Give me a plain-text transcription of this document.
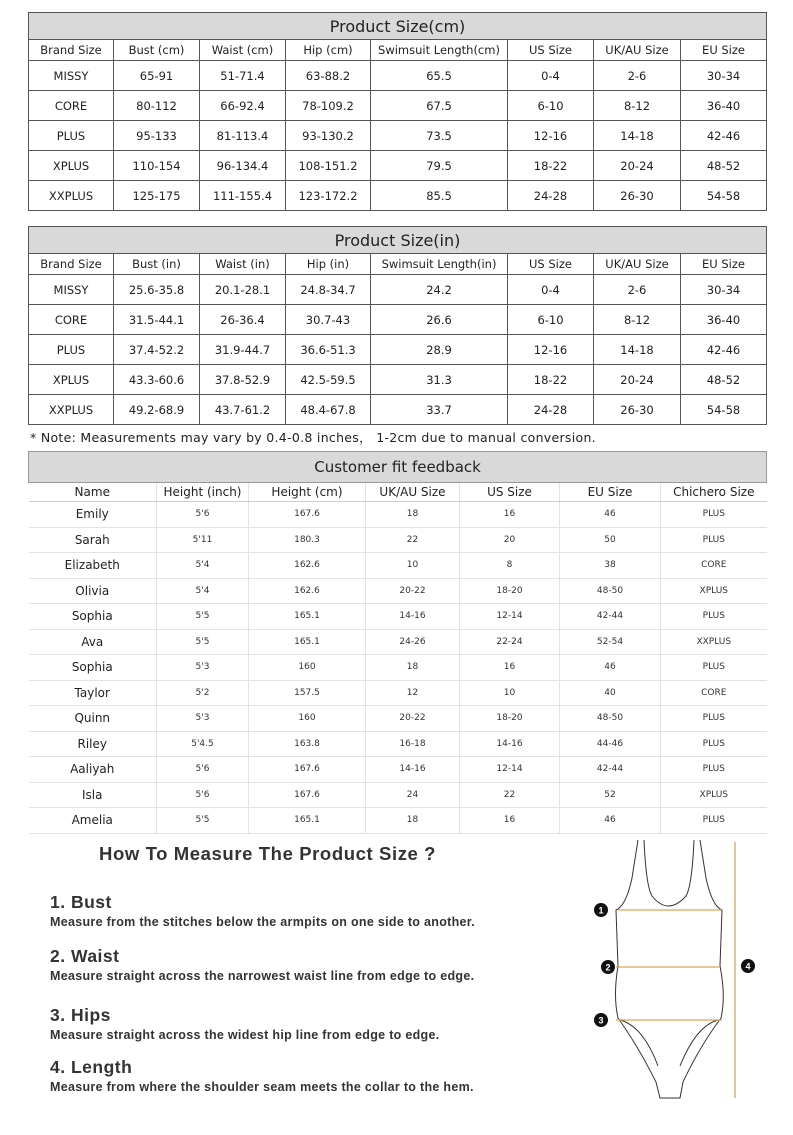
Product Size(cm)							
Brand Size	Bust (cm)	Waist (cm)	Hip (cm)	Swimsuit Length(cm)	US Size	UK/AU Size	EU Size
MISSY	65-91	51-71.4	63-88.2	65.5	0-4	2-6	30-34
CORE	80-112	66-92.4	78-109.2	67.5	6-10	8-12	36-40
PLUS	95-133	81-113.4	93-130.2	73.5	12-16	14-18	42-46
XPLUS	110-154	96-134.4	108-151.2	79.5	18-22	20-24	48-52
XXPLUS	125-175	111-155.4	123-172.2	85.5	24-28	26-30	54-58
Product Size(in)							
Brand Size	Bust (in)	Waist (in)	Hip (in)	Swimsuit Length(in)	US Size	UK/AU Size	EU Size
MISSY	25.6-35.8	20.1-28.1	24.8-34.7	24.2	0-4	2-6	30-34
CORE	31.5-44.1	26-36.4	30.7-43	26.6	6-10	8-12	36-40
PLUS	37.4-52.2	31.9-44.7	36.6-51.3	28.9	12-16	14-18	42-46
XPLUS	43.3-60.6	37.8-52.9	42.5-59.5	31.3	18-22	20-24	48-52
XXPLUS	49.2-68.9	43.7-61.2	48.4-67.8	33.7	24-28	26-30	54-58
* Note: Measurements may vary by 0.4-0.8 inches， 1-2cm due to manual conversion.
Customer fit feedback						
Name	Height (inch)	Height (cm)	UK/AU Size	US Size	EU Size	Chichero Size
Emily	5'6	167.6	18	16	46	PLUS
Sarah	5'11	180.3	22	20	50	PLUS
Elizabeth	5'4	162.6	10	8	38	CORE
Olivia	5'4	162.6	20-22	18-20	48-50	XPLUS
Sophia	5'5	165.1	14-16	12-14	42-44	PLUS
Ava	5'5	165.1	24-26	22-24	52-54	XXPLUS
Sophia	5'3	160	18	16	46	PLUS
Taylor	5'2	157.5	12	10	40	CORE
Quinn	5'3	160	20-22	18-20	48-50	PLUS
Riley	5'4.5	163.8	16-18	14-16	44-46	PLUS
Aaliyah	5'6	167.6	14-16	12-14	42-44	PLUS
Isla	5'6	167.6	24	22	52	XPLUS
Amelia	5'5	165.1	18	16	46	PLUS
How To Measure The Product Size ?
1. Bust
Measure from the stitches below the armpits on one side to another.
2. Waist
Measure straight across the narrowest waist line from edge to edge.
3. Hips
Measure straight across the widest hip line from edge to edge.
4. Length
Measure from where the shoulder seam meets the collar to the hem.
1
2
3
4
